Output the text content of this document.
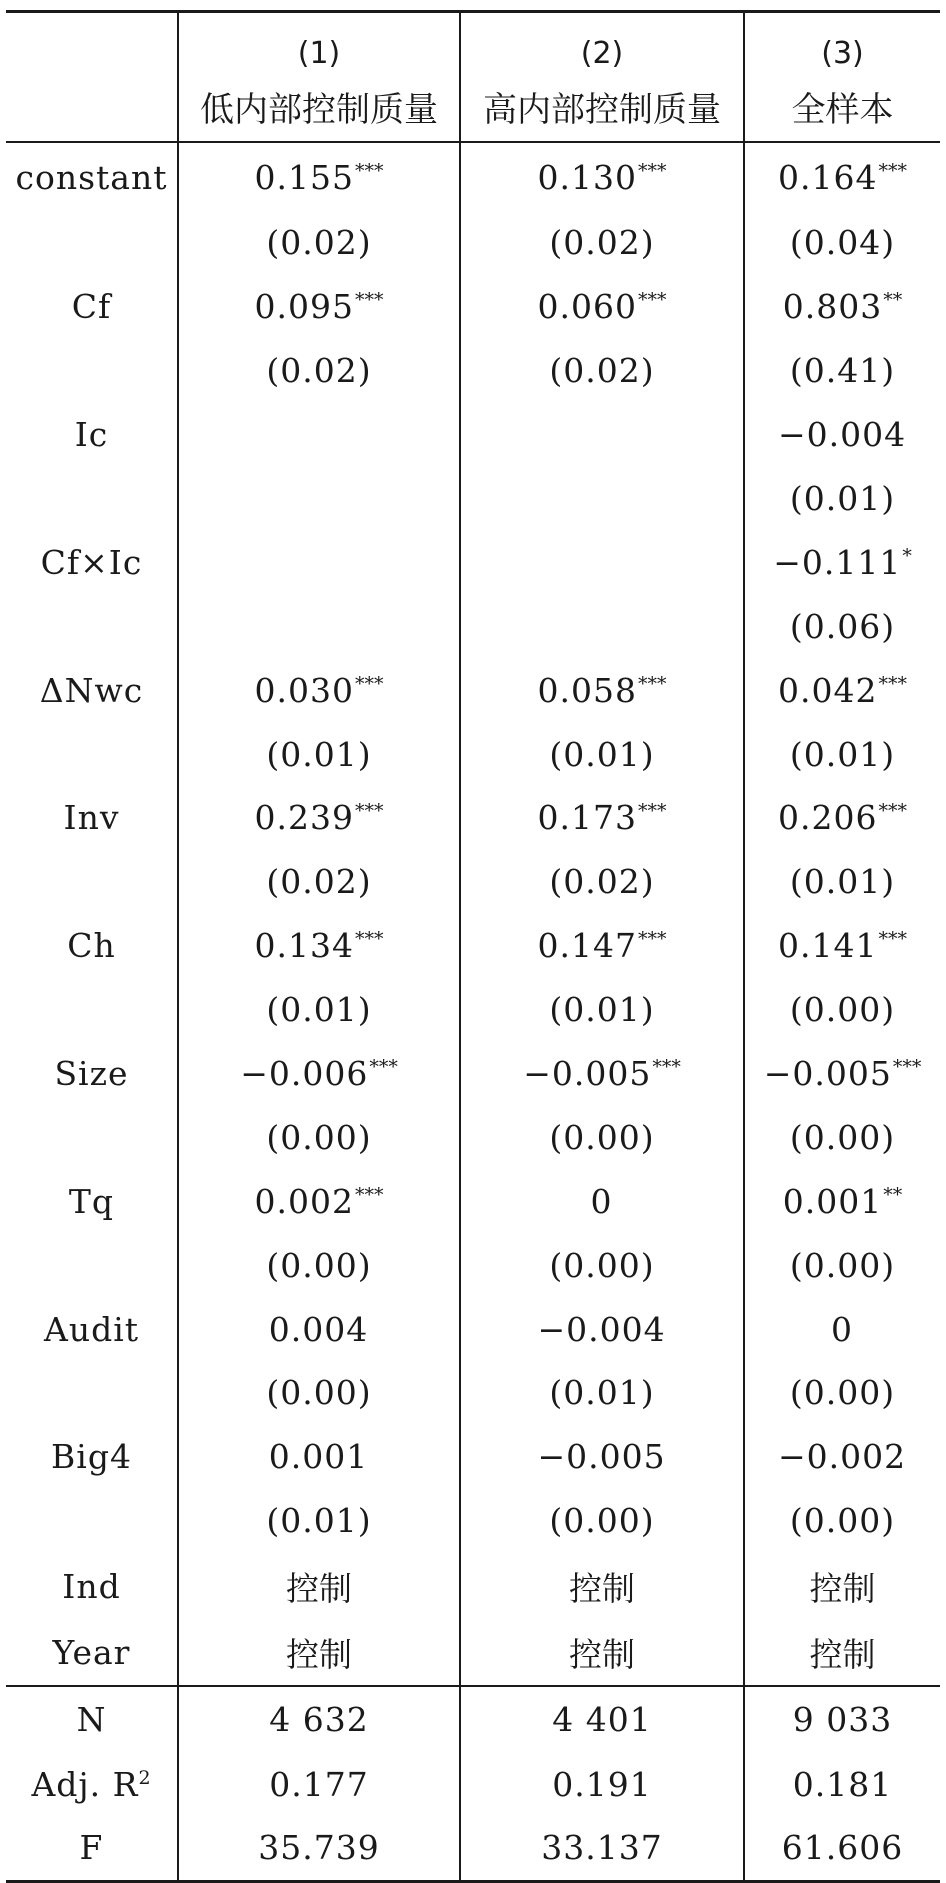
	(1)	(2)	(3)
	低内部控制质量	高内部控制质量	全样本
constant	0.155***	0.130***	0.164***
	(0.02)	(0.02)	(0.04)
Cf	0.095***	0.060***	0.803**
	(0.02)	(0.02)	(0.41)
Ic			−0.004
			(0.01)
Cf×Ic			−0.111*
			(0.06)
ΔNwc	0.030***	0.058***	0.042***
	(0.01)	(0.01)	(0.01)
Inv	0.239***	0.173***	0.206***
	(0.02)	(0.02)	(0.01)
Ch	0.134***	0.147***	0.141***
	(0.01)	(0.01)	(0.00)
Size	−0.006***	−0.005***	−0.005***
	(0.00)	(0.00)	(0.00)
Tq	0.002***	0	0.001**
	(0.00)	(0.00)	(0.00)
Audit	0.004	−0.004	0
	(0.00)	(0.01)	(0.00)
Big4	0.001	−0.005	−0.002
	(0.01)	(0.00)	(0.00)
Ind	控制	控制	控制
Year	控制	控制	控制
N	4 632	4 401	9 033
Adj. $R^2$	0.177	0.191	0.181
F	35.739	33.137	61.606
